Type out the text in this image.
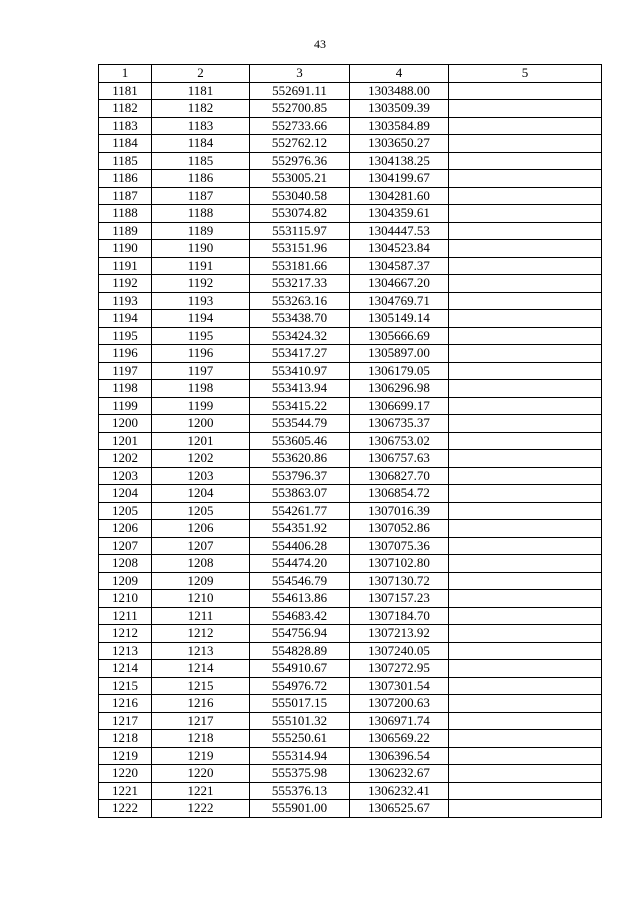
43
1	2	3	4	5
1181	1181	552691.11	1303488.00	
1182	1182	552700.85	1303509.39	
1183	1183	552733.66	1303584.89	
1184	1184	552762.12	1303650.27	
1185	1185	552976.36	1304138.25	
1186	1186	553005.21	1304199.67	
1187	1187	553040.58	1304281.60	
1188	1188	553074.82	1304359.61	
1189	1189	553115.97	1304447.53	
1190	1190	553151.96	1304523.84	
1191	1191	553181.66	1304587.37	
1192	1192	553217.33	1304667.20	
1193	1193	553263.16	1304769.71	
1194	1194	553438.70	1305149.14	
1195	1195	553424.32	1305666.69	
1196	1196	553417.27	1305897.00	
1197	1197	553410.97	1306179.05	
1198	1198	553413.94	1306296.98	
1199	1199	553415.22	1306699.17	
1200	1200	553544.79	1306735.37	
1201	1201	553605.46	1306753.02	
1202	1202	553620.86	1306757.63	
1203	1203	553796.37	1306827.70	
1204	1204	553863.07	1306854.72	
1205	1205	554261.77	1307016.39	
1206	1206	554351.92	1307052.86	
1207	1207	554406.28	1307075.36	
1208	1208	554474.20	1307102.80	
1209	1209	554546.79	1307130.72	
1210	1210	554613.86	1307157.23	
1211	1211	554683.42	1307184.70	
1212	1212	554756.94	1307213.92	
1213	1213	554828.89	1307240.05	
1214	1214	554910.67	1307272.95	
1215	1215	554976.72	1307301.54	
1216	1216	555017.15	1307200.63	
1217	1217	555101.32	1306971.74	
1218	1218	555250.61	1306569.22	
1219	1219	555314.94	1306396.54	
1220	1220	555375.98	1306232.67	
1221	1221	555376.13	1306232.41	
1222	1222	555901.00	1306525.67	
